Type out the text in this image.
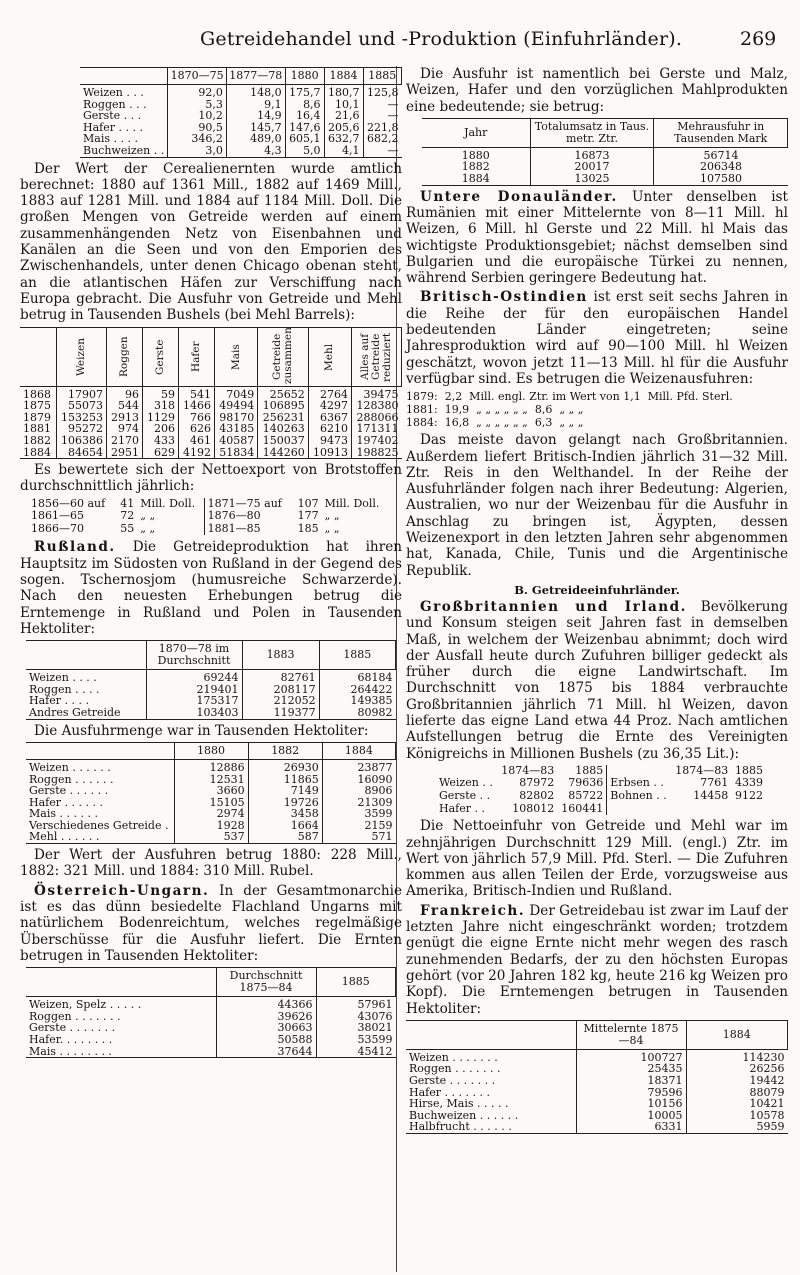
Getreidehandel und -Produktion (Einfuhrländer).	269
	1870—75	1877—78	1880	1884	1885
Weizen . . .	92,0	148,0	175,7	180,7	125,8
Roggen . . .	5,3	9,1	8,6	10,1	—
Gerste . . .	10,2	14,9	16,4	21,6	—
Hafer . . . .	90,5	145,7	147,6	205,6	221,8
Mais . . . .	346,2	489,0	605,1	632,7	682,2
Buchweizen . .	3,0	4,3	5,0	4,1	—

Der Wert der Cerealienernten wurde amtlich berechnet: 1880 auf 1361 Mill., 1882 auf 1469 Mill., 1883 auf 1281 Mill. und 1884 auf 1184 Mill. Doll. Die großen Mengen von Getreide werden auf einem zusammenhängenden Netz von Eisenbahnen und Kanälen an die Seen und von den Emporien des Zwischenhandels, unter denen Chicago obenan steht, an die atlantischen Häfen zur Verschiffung nach Europa gebracht. Die Ausfuhr von Getreide und Mehl betrug in Tausenden Bushels (bei Mehl Barrels):

	Weizen	Roggen	Gerste	Hafer	Mais	Getreide zusammen	Mehl	Alles auf Getreide reduziert

1868	17907	96	59	541	7049	25652	2764	39475
1875	55073	544	318	1466	49494	106895	4297	128380
1879	153253	2913	1129	766	98170	256231	6367	288066
1881	95272	974	206	626	43185	140263	6210	171311
1882	106386	2170	433	461	40587	150037	9473	197402
1884	84654	2951	629	4192	51834	144260	10913	198825

Es bewertete sich der Nettoexport von Brotstoffen durchschnittlich jährlich:

1856—60 auf	41	Mill. Doll.	1871—75 auf	107	Mill. Doll.
1861—65	72	„ „	1876—80	177	„ „
1866—70	55	„ „	1881—85	185	„ „

Rußland. Die Getreideproduktion hat ihren Hauptsitz im Südosten von Rußland in der Gegend des sogen. Tschernosjom (humusreiche Schwarzerde). Nach den neuesten Erhebungen betrug die Erntemenge in Rußland und Polen in Tausenden Hektoliter:

	1870—78 im Durchschnitt	1883	1885
Weizen . . . .	69244	82761	68184
Roggen . . . .	219401	208117	264422
Hafer . . . .	175317	212052	149385
Andres Getreide	103403	119377	80982

Die Ausfuhrmenge war in Tausenden Hektoliter:

	1880	1882	1884
Weizen . . . . . .	12886	26930	23877
Roggen . . . . . .	12531	11865	16090
Gerste . . . . . .	3660	7149	8906
Hafer . . . . . .	15105	19726	21309
Mais . . . . . .	2974	3458	3599
Verschiedenes Getreide .	1928	1664	2159
Mehl . . . . . .	537	587	571

Der Wert der Ausfuhren betrug 1880: 228 Mill., 1882: 321 Mill. und 1884: 310 Mill. Rubel.

Österreich-Ungarn. In der Gesamtmonarchie ist es das dünn besiedelte Flachland Ungarns mit natürlichem Bodenreichtum, welches regelmäßige Überschüsse für die Ausfuhr liefert. Die Ernten betrugen in Tausenden Hektoliter:

	Durchschnitt 1875—84	1885
Weizen, Spelz . . . . .	44366	57961
Roggen . . . . . . .	39626	43076
Gerste . . . . . . .	30663	38021
Hafer. . . . . . . .	50588	53599
Mais . . . . . . . .	37644	45412

Die Ausfuhr ist namentlich bei Gerste und Malz, Weizen, Hafer und den vorzüglichen Mahlprodukten eine bedeutende; sie betrug:

Jahr	Totalumsatz in Taus. metr. Ztr.	Mehrausfuhr in Tausenden Mark
1880	16873	56714
1882	20017	206348
1884	13025	107580

Untere Donauländer. Unter denselben ist Rumänien mit einer Mittelernte von 8—11 Mill. hl Weizen, 6 Mill. hl Gerste und 22 Mill. hl Mais das wichtigste Produktionsgebiet; nächst demselben sind Bulgarien und die europäische Türkei zu nennen, während Serbien geringere Bedeutung hat.

Britisch-Ostindien ist erst seit sechs Jahren in die Reihe der für den europäischen Handel bedeutenden Länder eingetreten; seine Jahresproduktion wird auf 90—100 Mill. hl Weizen geschätzt, wovon jetzt 11—13 Mill. hl für die Ausfuhr verfügbar sind. Es betrugen die Weizenausfuhren:

1879:  2,2  Mill. engl. Ztr. im Wert von 1,1  Mill. Pfd. Sterl.
1881:  19,9  „ „ „ „ „ „  8,6  „ „ „
1884:  16,8  „ „ „ „ „ „  6,3  „ „ „

Das meiste davon gelangt nach Großbritannien. Außerdem liefert Britisch-Indien jährlich 31—32 Mill. Ztr. Reis in den Welthandel. In der Reihe der Ausfuhrländer folgen nach ihrer Bedeutung: Algerien, Australien, wo nur der Weizenbau für die Ausfuhr in Anschlag zu bringen ist, Ägypten, dessen Weizenexport in den letzten Jahren sehr abgenommen hat, Kanada, Chile, Tunis und die Argentinische Republik.

B. Getreideeinfuhrländer.

Großbritannien und Irland. Bevölkerung und Konsum steigen seit Jahren fast in demselben Maß, in welchem der Weizenbau abnimmt; doch wird der Ausfall heute durch Zufuhren billiger gedeckt als früher durch die eigne Landwirtschaft. Im Durchschnitt von 1875 bis 1884 verbrauchte Großbritannien jährlich 71 Mill. hl Weizen, davon lieferte das eigne Land etwa 44 Proz. Nach amtlichen Aufstellungen betrug die Ernte des Vereinigten Königreichs in Millionen Bushels (zu 36,35 Lit.):

	1874—83	1885		1874—83	1885
Weizen . .	87972	79636	Erbsen . .	7761	4339
Gerste . .	82802	85722	Bohnen . .	14458	9122
Hafer . .	108012	160441			

Die Nettoeinfuhr von Getreide und Mehl war im zehnjährigen Durchschnitt 129 Mill. (engl.) Ztr. im Wert von jährlich 57,9 Mill. Pfd. Sterl. — Die Zufuhren kommen aus allen Teilen der Erde, vorzugsweise aus Amerika, Britisch-Indien und Rußland.

Frankreich. Der Getreidebau ist zwar im Lauf der letzten Jahre nicht eingeschränkt worden; trotzdem genügt die eigne Ernte nicht mehr wegen des rasch zunehmenden Bedarfs, der zu den höchsten Europas gehört (vor 20 Jahren 182 kg, heute 216 kg Weizen pro Kopf). Die Erntemengen betrugen in Tausenden Hektoliter:

	Mittelernte 1875—84	1884
Weizen . . . . . . .	100727	114230
Roggen . . . . . . .	25435	26256
Gerste . . . . . . .	18371	19442
Hafer . . . . . . .	79596	88079
Hirse, Mais . . . . .	10156	10421
Buchweizen . . . . . .	10005	10578
Halbfrucht . . . . . .	6331	5959
